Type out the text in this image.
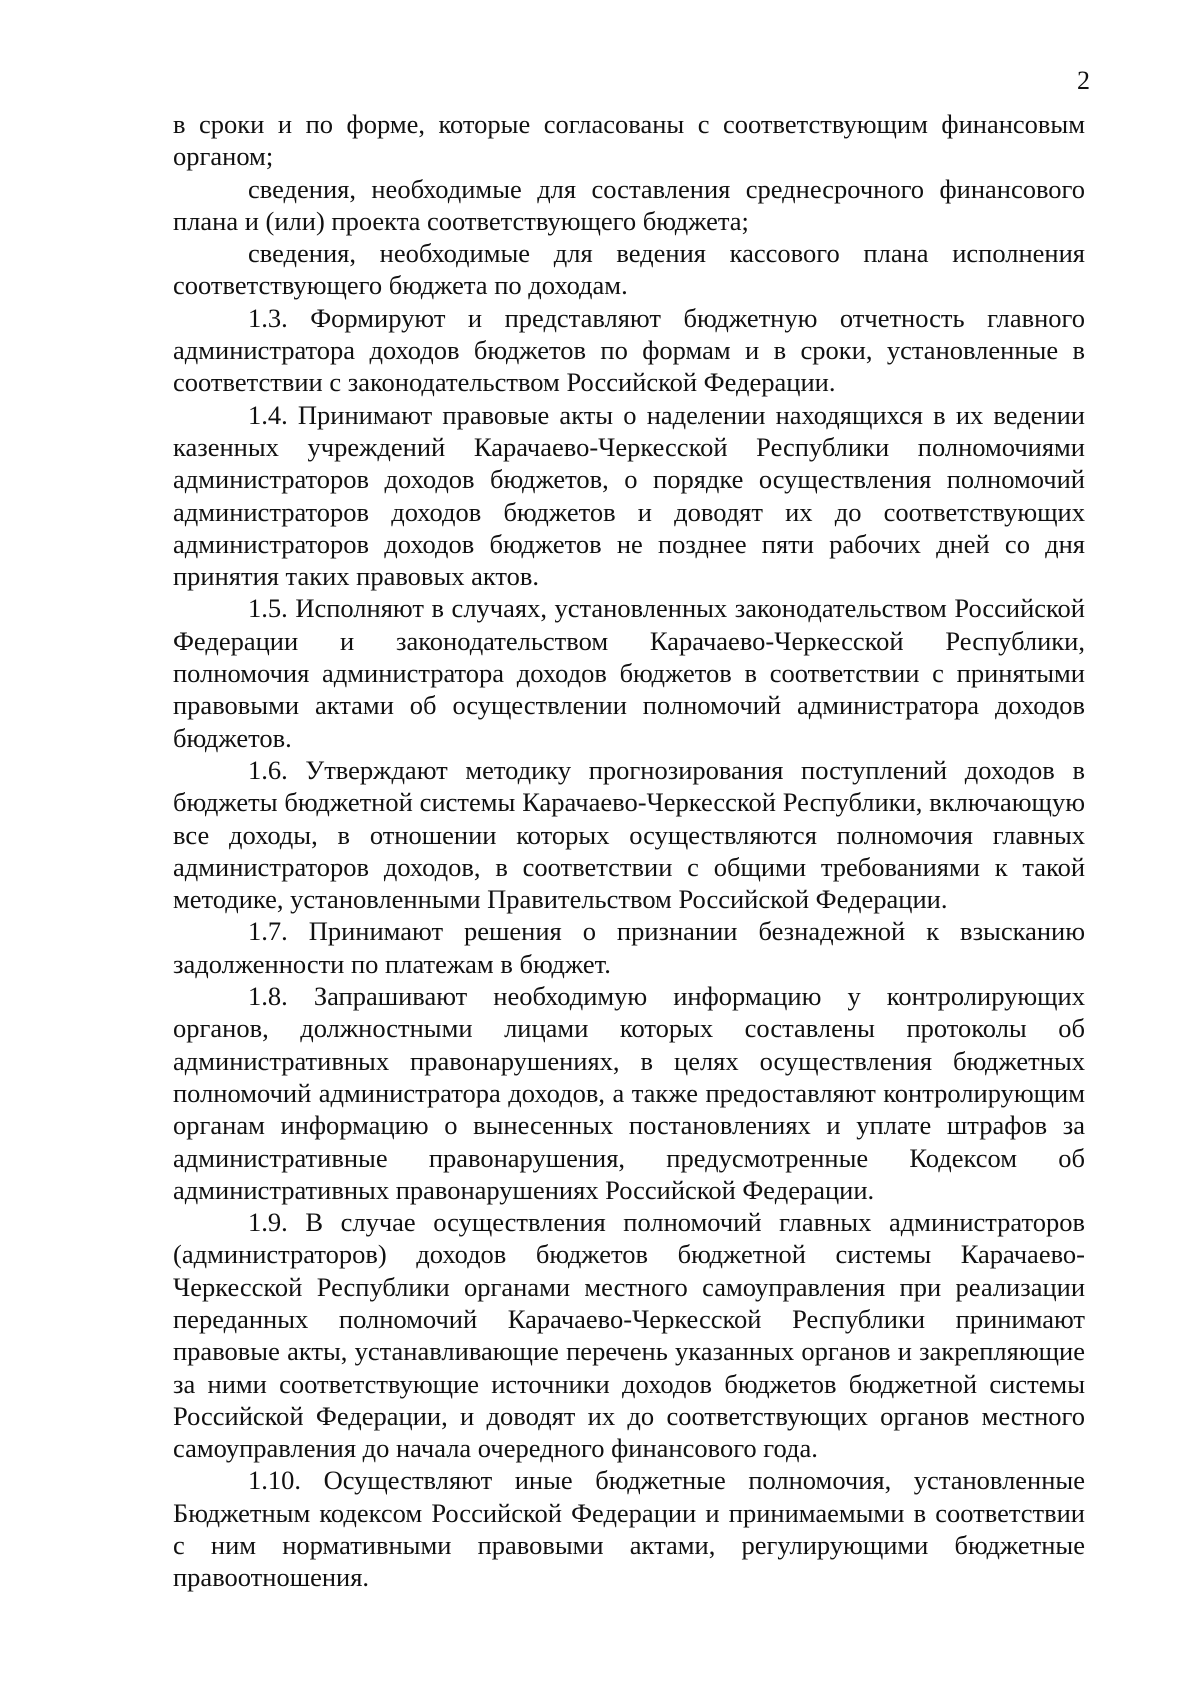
2

в сроки и по форме, которые согласованы с соответствующим финансовым органом;

сведения, необходимые для составления среднесрочного финансового плана и (или) проекта соответствующего бюджета;

сведения, необходимые для ведения кассового плана исполнения соответствующего бюджета по доходам.

1.3. Формируют и представляют бюджетную отчетность главного администратора доходов бюджетов по формам и в сроки, установленные в соответствии с законодательством Российской Федерации.

1.4. Принимают правовые акты о наделении находящихся в их ведении казенных учреждений Карачаево-Черкесской Республики полномочиями администраторов доходов бюджетов, о порядке осуществления полномочий администраторов доходов бюджетов и доводят их до соответствующих администраторов доходов бюджетов не позднее пяти рабочих дней со дня принятия таких правовых актов.

1.5. Исполняют в случаях, установленных законодательством Российской Федерации и законодательством Карачаево-Черкесской Республики, полномочия администратора доходов бюджетов в соответствии с принятыми правовыми актами об осуществлении полномочий администратора доходов бюджетов.

1.6. Утверждают методику прогнозирования поступлений доходов в бюджеты бюджетной системы Карачаево-Черкесской Республики, включающую все доходы, в отношении которых осуществляются полномочия главных администраторов доходов, в соответствии с общими требованиями к такой методике, установленными Правительством Российской Федерации.

1.7. Принимают решения о признании безнадежной к взысканию задолженности по платежам в бюджет.

1.8. Запрашивают необходимую информацию у контролирующих органов, должностными лицами которых составлены протоколы об административных правонарушениях, в целях осуществления бюджетных полномочий администратора доходов, а также предоставляют контролирующим органам информацию о вынесенных постановлениях и уплате штрафов за административные правонарушения, предусмотренные Кодексом об административных правонарушениях Российской Федерации.

1.9. В случае осуществления полномочий главных администраторов (администраторов) доходов бюджетов бюджетной системы Карачаево-Черкесской Республики органами местного самоуправления при реализации переданных полномочий Карачаево-Черкесской Республики принимают правовые акты, устанавливающие перечень указанных органов и закрепляющие за ними соответствующие источники доходов бюджетов бюджетной системы Российской Федерации, и доводят их до соответствующих органов местного самоуправления до начала очередного финансового года.

1.10. Осуществляют иные бюджетные полномочия, установленные Бюджетным кодексом Российской Федерации и принимаемыми в соответствии с ним нормативными правовыми актами, регулирующими бюджетные правоотношения.
